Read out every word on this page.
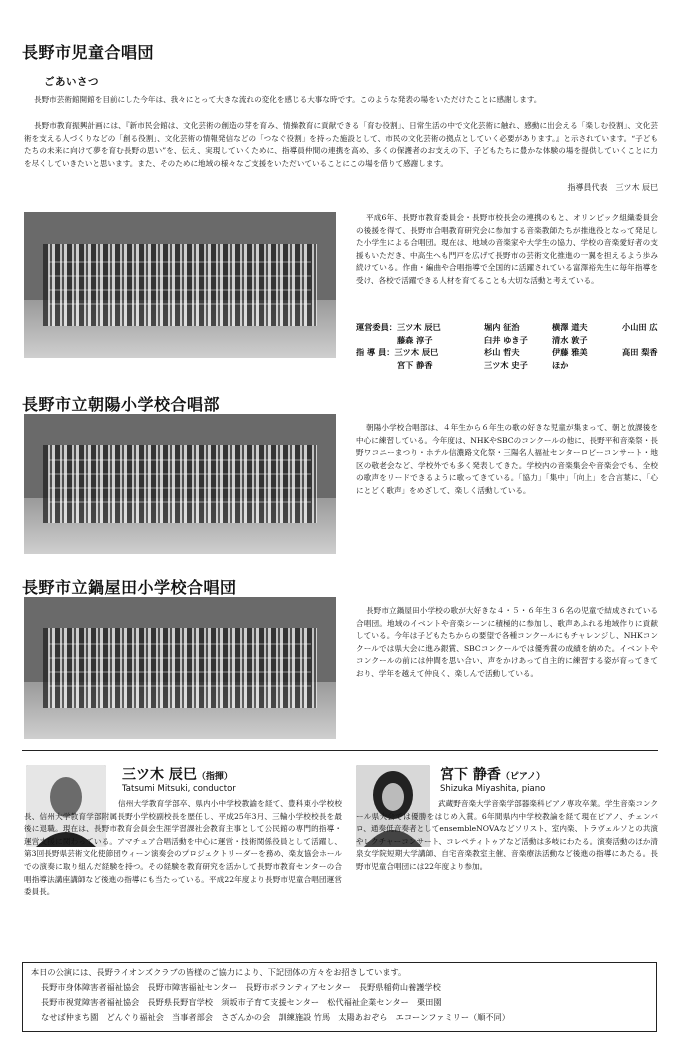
長野市児童合唱団
ごあいさつ
長野市芸術館開館を目前にした今年は、我々にとって大きな流れの変化を感じる大事な時です。このような発表の場をいただけたことに感謝します。
長野市教育振興計画には、『新市民会館は、文化芸術の創造の芽を育み、情操教育に貢献できる「育む役割」、日常生活の中で文化芸術に触れ、感動に出会える「楽しむ役割」、文化芸術を支える人づくりなどの「創る役割」、文化芸術の情報発信などの「つなぐ役割」を持った施設として、市民の文化芸術の拠点としていく必要があります。』と示されています。“子どもたちの未来に向けて夢を育む長野の思い”を、伝え、実現していくために、指導員仲間の連携を高め、多くの保護者のお支えの下、子どもたちに豊かな体験の場を提供していくことに力を尽くしていきたいと思います。また、そのために地域の様々なご支援をいただいていることにこの場を借りて感謝します。
指導員代表　三ツ木 辰巳
平成6年、長野市教育委員会・長野市校長会の連携のもと、オリンピック組織委員会の後援を得て、長野市合唱教育研究会に参加する音楽教師たちが推進役となって発足した小学生による合唱団。現在は、地域の音楽家や大学生の協力、学校の音楽愛好者の支援もいただき、中高生へも門戸を広げて長野市の芸術文化推進の一翼を担えるよう歩み続けている。作曲・編曲や合唱指導で全国的に活躍されている富澤裕先生に毎年指導を受け、各校で活躍できる人材を育てることも大切な活動と考えている。
運営委員：三ツ木 辰巳	堀内 征治	横澤 道夫	小山田 広
　　　　　藤森 淳子	臼井 ゆき子	清水 敦子
指 導 員：三ツ木 辰巳	杉山 哲夫	伊藤 雅美	高田 梨香
　　　　　宮下 静香	三ツ木 史子	ほか
長野市立朝陽小学校合唱部
朝陽小学校合唱部は、４年生から６年生の歌の好きな児童が集まって、朝と放課後を中心に練習している。今年度は、NHKやSBCのコンクールの他に、長野平和音楽祭・長野ワコニーまつり・ホテル信濃路文化祭・三陽名人福祉センターロビーコンサート・地区の敬老会など、学校外でも多く発表してきた。学校内の音楽集会や音楽会でも、全校の歌声をリードできるように歌ってきている。「協力」「集中」「向上」を合言葉に、「心にとどく歌声」をめざして、楽しく活動している。
長野市立鍋屋田小学校合唱団
長野市立鍋屋田小学校の歌が大好きな４・５・６年生３６名の児童で結成されている合唱団。地域のイベントや音楽シーンに積極的に参加し、歌声あふれる地域作りに貢献している。今年は子どもたちからの要望で各種コンクールにもチャレンジし、NHKコンクールでは県大会に進み銀賞、SBCコンクールでは優秀賞の成績を納めた。イベントやコンクールの前には仲間を思い合い、声をかけあって自主的に練習する姿が育ってきており、学年を越えて仲良く、楽しんで活動している。
三ツ木 辰巳（指揮）
Tatsumi Mitsuki, conductor
信州大学教育学部卒、県内小中学校教諭を経て、豊科東小学校校長、信州大学教育学部附属長野小学校副校長を歴任し、平成25年3月、三輪小学校校長を最後に退職。現在は、長野市教育会員会生涯学習課社会教育主事として公民館の専門的指導・運営支援に関わっている。アマチュア合唱活動を中心に運営・技術関係役員として活躍し、第3回長野県芸術文化使節団ウィーン演奏会のプロジェクトリーダーを務め、楽友協会ホールでの演奏に取り組んだ経験を持つ。その経験を教育研究を活かして長野市教育センターの合唱指導法講座講師など後進の指導にも当たっている。平成22年度より長野市児童合唱団運営委員長。
宮下 静香（ピアノ）
Shizuka Miyashita, piano
武蔵野音楽大学音楽学部器楽科ピアノ専攻卒業。学生音楽コンクール県大会では優勝をはじめ入賞。6年間県内中学校教論を経て現在ピアノ、チェンバロ、通奏低音奏者としてensembleNOVAなどソリスト、室内楽、トラヴェルソとの共演やレクチャーコンサート、コレペティトゥアなど活動は多岐にわたる。演奏活動のほか清泉女学院短期大学講師、自宅音楽教室主催、音楽療法活動など後進の指導にあたる。長野市児童合唱団には22年度より参加。
本日の公演には、長野ライオンズクラブの皆様のご協力により、下記団体の方々をお招きしています。
長野市身体障害者福祉協会　長野市障害福祉センター　長野市ボランティアセンター　長野県稲荷山養護学校
長野市視覚障害者福祉協会　長野県長野盲学校　須坂市子育て支援センター　松代福祉企業センター　栗田園
なせば仲まち園　どんぐり福祉会　当事者部会　さざんかの会　訓練施設 竹馬　太陽あおぞら　エコーンファミリー（順不同）
